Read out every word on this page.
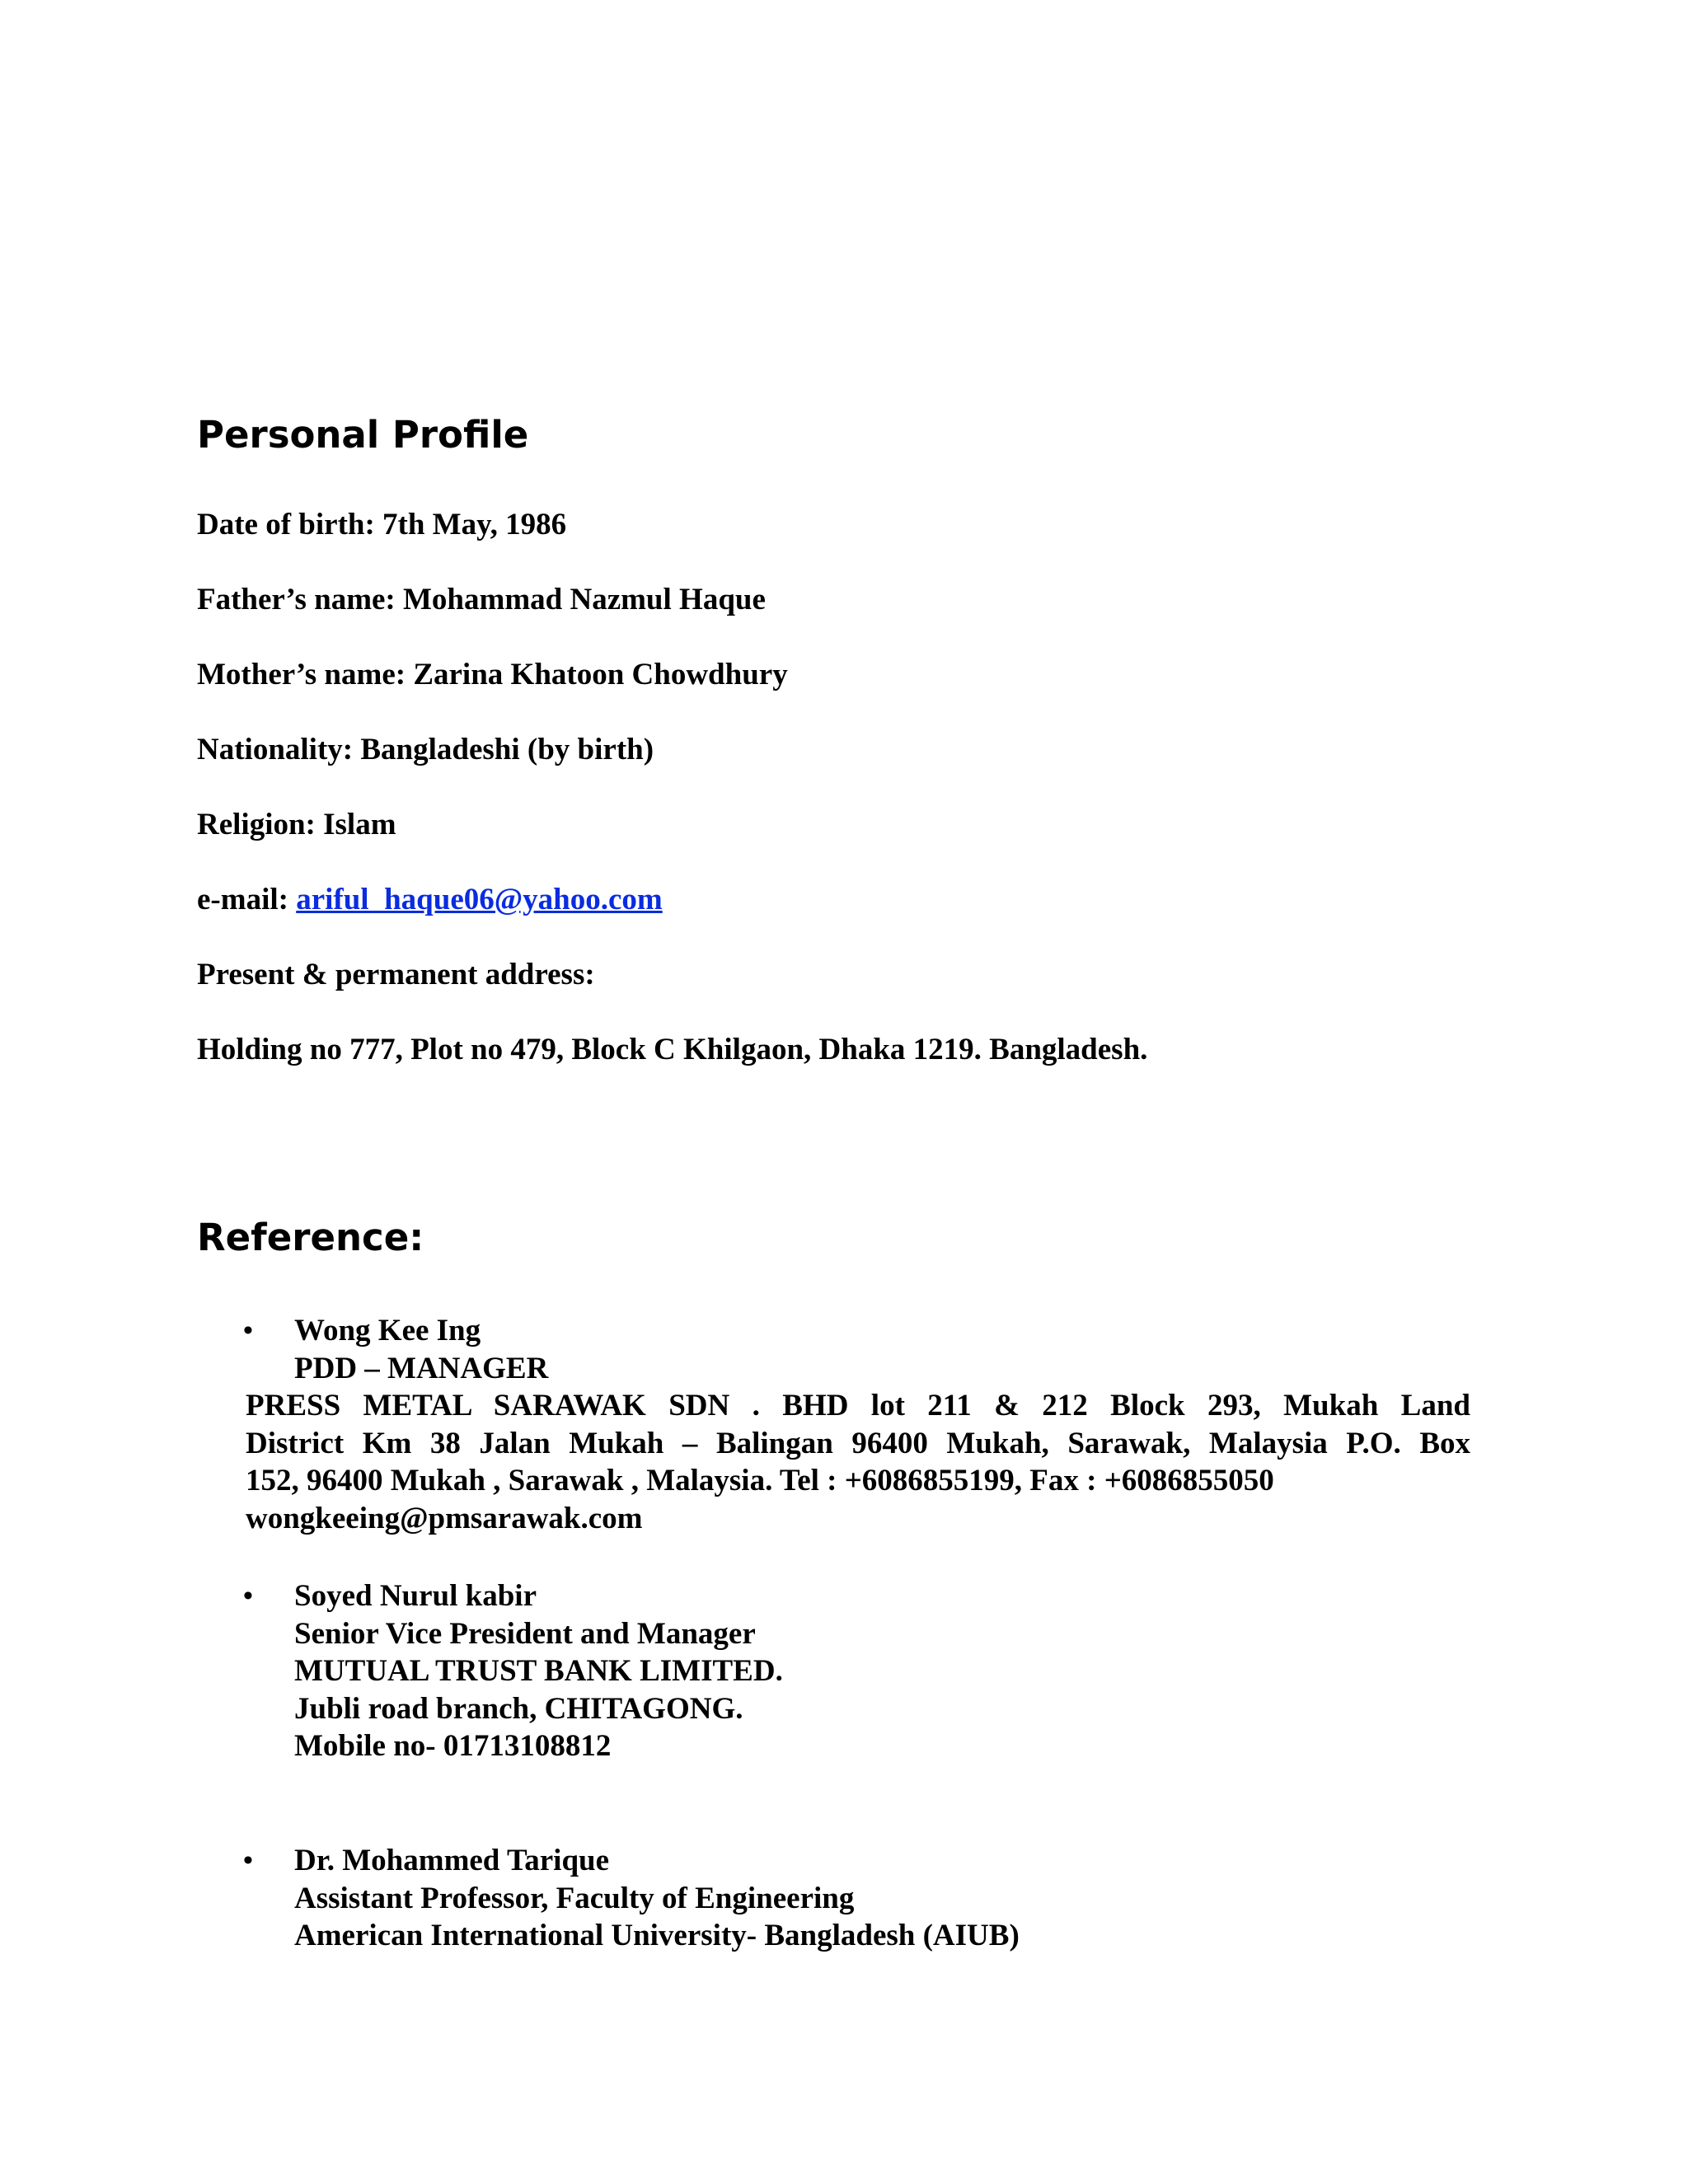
Personal Profile

Date of birth: 7th May, 1986

Father’s name: Mohammad Nazmul Haque

Mother’s name: Zarina Khatoon Chowdhury

Nationality: Bangladeshi (by birth)

Religion: Islam

e-mail: ariful_haque06@yahoo.com

Present & permanent address:

Holding no 777, Plot no 479, Block C Khilgaon, Dhaka 1219. Bangladesh.

Reference:
• Wong Kee Ing
PDD – MANAGER
PRESS METAL SARAWAK SDN . BHD lot 211 & 212 Block 293, Mukah Land
District Km 38 Jalan Mukah – Balingan 96400 Mukah, Sarawak, Malaysia P.O. Box
152, 96400 Mukah , Sarawak , Malaysia. Tel : +6086855199, Fax : +6086855050
wongkeeing@pmsarawak.com
• Soyed Nurul kabir
Senior Vice President and Manager
MUTUAL TRUST BANK LIMITED.
Jubli road branch, CHITAGONG.
Mobile no- 01713108812
• Dr. Mohammed Tarique
Assistant Professor, Faculty of Engineering
American International University- Bangladesh (AIUB)
